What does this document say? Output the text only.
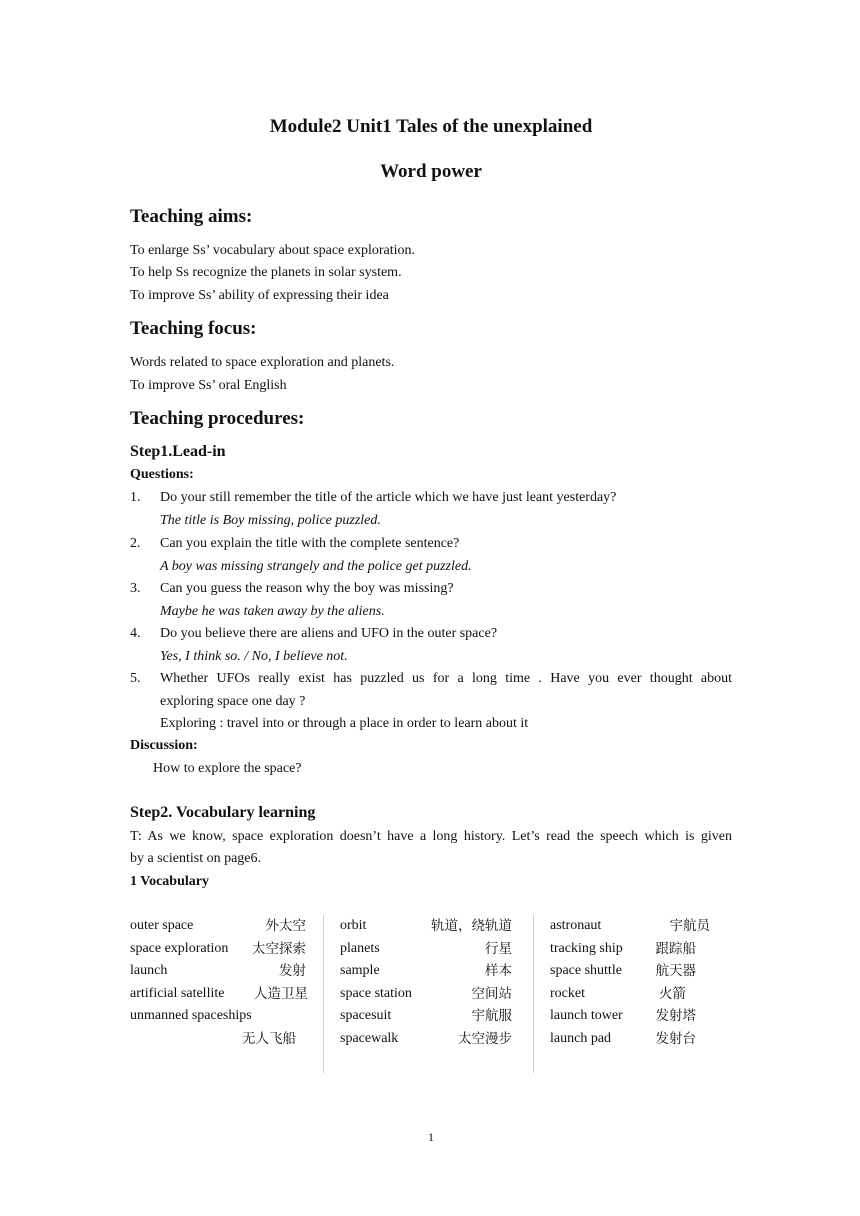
Module2 Unit1 Tales of the unexplained
Word power
Teaching aims:
To enlarge Ss’ vocabulary about space exploration.
To help Ss recognize the planets in solar system.
To improve Ss’ ability of expressing their idea
Teaching focus:
Words related to space exploration and planets.
To improve Ss’ oral English
Teaching procedures:
Step1.Lead-in
Questions:
1. Do your still remember the title of the article which we have just leant yesterday?
The title is Boy missing, police puzzled.
2. Can you explain the title with the complete sentence?
A boy was missing strangely and the police get puzzled.
3. Can you guess the reason why the boy was missing?
Maybe he was taken away by the aliens.
4. Do you believe there are aliens and UFO in the outer space?
Yes, I think so. / No, I believe not.
5. Whether UFOs really exist has puzzled us for a long time . Have you ever thought about
exploring space one day ?
Exploring : travel into or through a place in order to learn about it
Discussion:
How to explore the space?
Step2. Vocabulary learning
T: As we know, space exploration doesn’t have a long history. Let’s read the speech which is given
by a scientist on page6.
1 Vocabulary
outer space	外太空
space exploration 太空探索
launch	发射
artificial satellite 人造卫星
unmanned spaceships
无人飞船
orbit	轨道，绕轨道
planets	行星
sample	样本
space station	空间站
spacesuit	宇航服
spacewalk	太空漫步
astronaut	宇航员
tracking ship 跟踪船
space shuttle 航天器
rocket	火箭
launch tower 发射塔
launch pad	发射台
1
